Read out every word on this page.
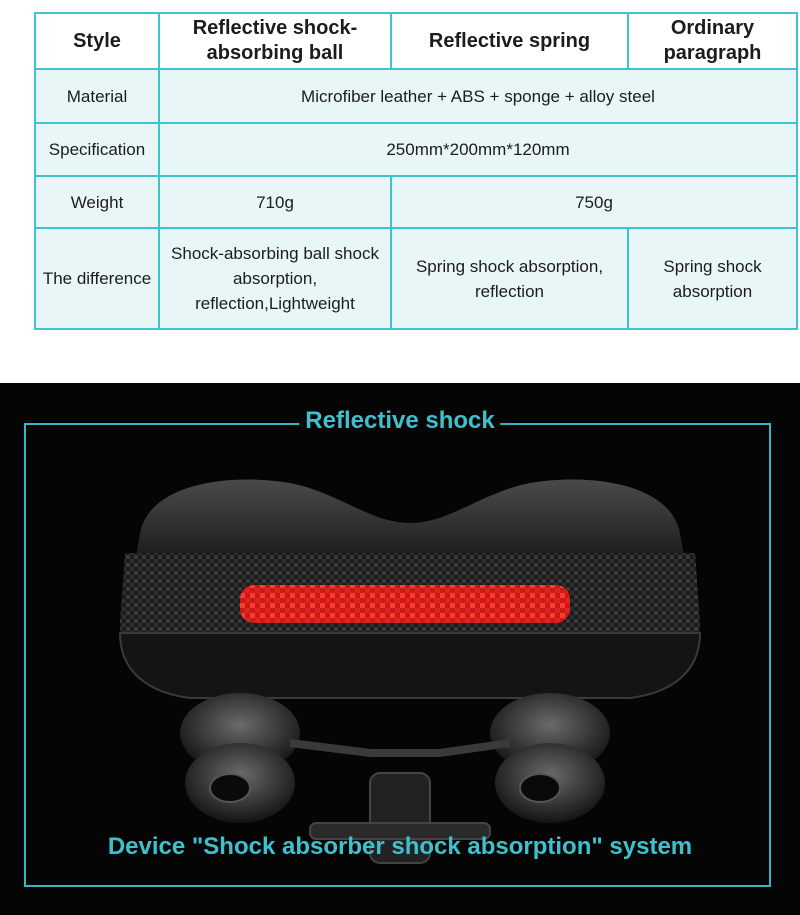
Style	Reflective shock-absorbing ball	Reflective spring	Ordinary paragraph
Material	Microfiber leather + ABS + sponge + alloy steel		
Specification	250mm*200mm*120mm		
Weight	710g	750g	
The difference	Shock-absorbing ball shock absorption, reflection,Lightweight	Spring shock absorption, reflection	Spring shock absorption
Reflective shock
Device "Shock absorber shock absorption" system
